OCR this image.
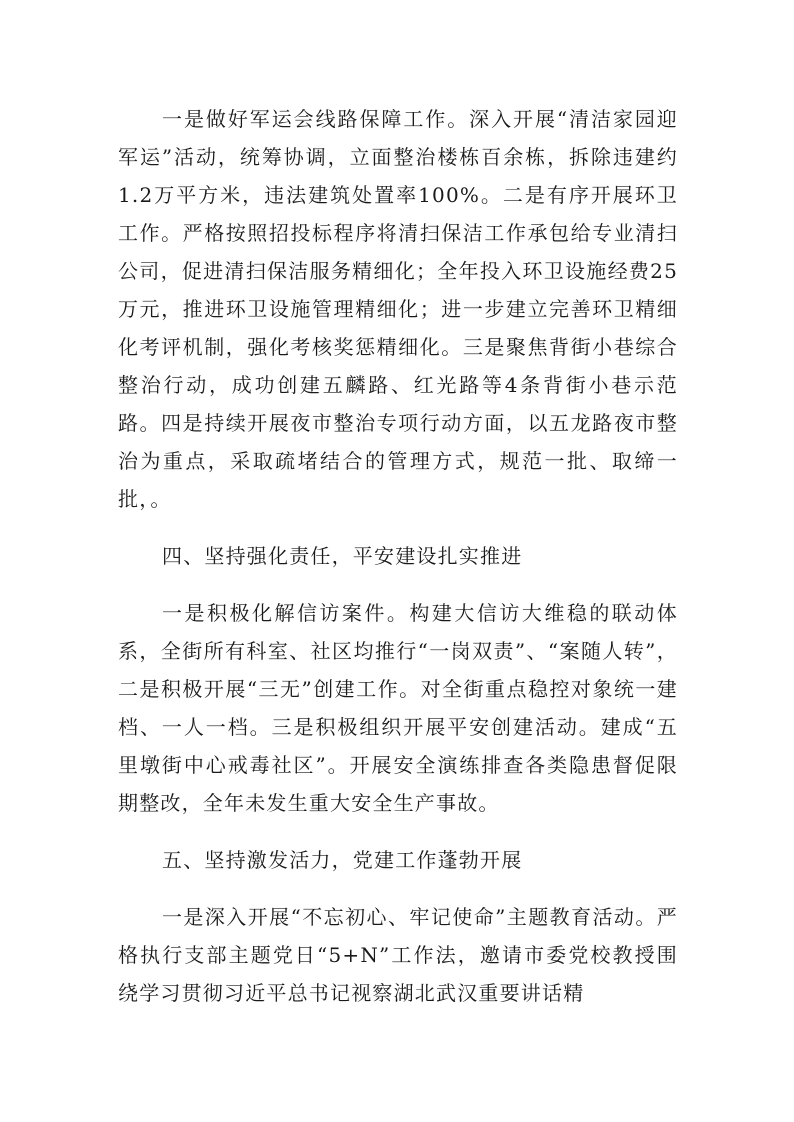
一是做好军运会线路保障工作。深入开展“清洁家园迎军运”活动，统筹协调，立面整治楼栋百余栋，拆除违建约1.2万平方米，违法建筑处置率100%。二是有序开展环卫工作。严格按照招投标程序将清扫保洁工作承包给专业清扫公司，促进清扫保洁服务精细化；全年投入环卫设施经费25万元，推进环卫设施管理精细化；进一步建立完善环卫精细化考评机制，强化考核奖惩精细化。三是聚焦背街小巷综合整治行动，成功创建五麟路、红光路等4条背街小巷示范路。四是持续开展夜市整治专项行动方面，以五龙路夜市整治为重点，采取疏堵结合的管理方式，规范一批、取缔一批，。

四、坚持强化责任，平安建设扎实推进

一是积极化解信访案件。构建大信访大维稳的联动体系，全街所有科室、社区均推行“一岗双责”、“案随人转”，二是积极开展“三无”创建工作。对全街重点稳控对象统一建档、一人一档。三是积极组织开展平安创建活动。建成“五里墩街中心戒毒社区”。开展安全演练排查各类隐患督促限期整改，全年未发生重大安全生产事故。

五、坚持激发活力，党建工作蓬勃开展

一是深入开展“不忘初心、牢记使命”主题教育活动。严格执行支部主题党日“5+N”工作法，邀请市委党校教授围绕学习贯彻习近平总书记视察湖北武汉重要讲话精
